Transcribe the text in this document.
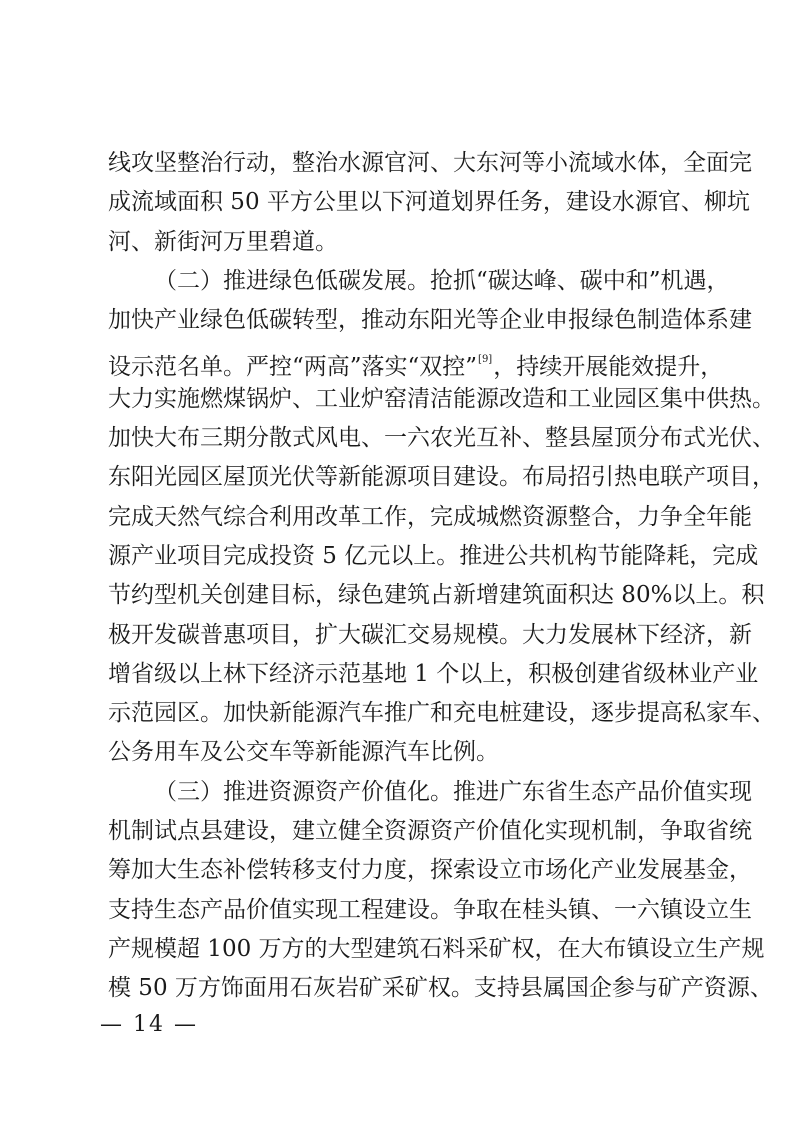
线攻坚整治行动，整治水源官河、大东河等小流域水体，全面完
成流域面积 50 平方公里以下河道划界任务，建设水源官、柳坑
河、新街河万里碧道。
（二）推进绿色低碳发展。抢抓“碳达峰、碳中和”机遇，
加快产业绿色低碳转型，推动东阳光等企业申报绿色制造体系建
设示范名单。严控“两高”落实“双控”[9]，持续开展能效提升，
大力实施燃煤锅炉、工业炉窑清洁能源改造和工业园区集中供热。
加快大布三期分散式风电、一六农光互补、整县屋顶分布式光伏、
东阳光园区屋顶光伏等新能源项目建设。布局招引热电联产项目，
完成天然气综合利用改革工作，完成城燃资源整合，力争全年能
源产业项目完成投资 5 亿元以上。推进公共机构节能降耗，完成
节约型机关创建目标，绿色建筑占新增建筑面积达 80%以上。积
极开发碳普惠项目，扩大碳汇交易规模。大力发展林下经济，新
增省级以上林下经济示范基地 1 个以上，积极创建省级林业产业
示范园区。加快新能源汽车推广和充电桩建设，逐步提高私家车、
公务用车及公交车等新能源汽车比例。
（三）推进资源资产价值化。推进广东省生态产品价值实现
机制试点县建设，建立健全资源资产价值化实现机制，争取省统
筹加大生态补偿转移支付力度，探索设立市场化产业发展基金，
支持生态产品价值实现工程建设。争取在桂头镇、一六镇设立生
产规模超 100 万方的大型建筑石料采矿权，在大布镇设立生产规
模 50 万方饰面用石灰岩矿采矿权。支持县属国企参与矿产资源、
— 14 —
